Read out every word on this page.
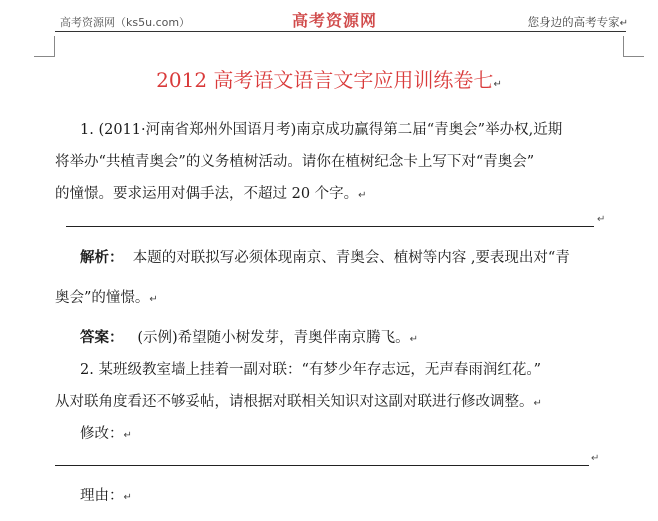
高考资源网（ks5u.com）	高考资源网	您身边的高考专家↵
2012 高考语文语言文字应用训练卷七↵
1. (2011·河南省郑州外国语月考)南京成功赢得第二届“青奥会”举办权,近期
将举办“共植青奥会”的义务植树活动。请你在植树纪念卡上写下对“青奥会”
的憧憬。要求运用对偶手法，不超过 20 个字。↵
↵
解析： 本题的对联拟写必须体现南京、青奥会、植树等内容 ,要表现出对“青
奥会”的憧憬。↵
答案： (示例)希望随小树发芽，青奥伴南京腾飞。↵
2. 某班级教室墙上挂着一副对联：“有梦少年存志远，无声春雨润红花。”
从对联角度看还不够妥帖，请根据对联相关知识对这副对联进行修改调整。↵
修改：↵
↵
理由：↵
